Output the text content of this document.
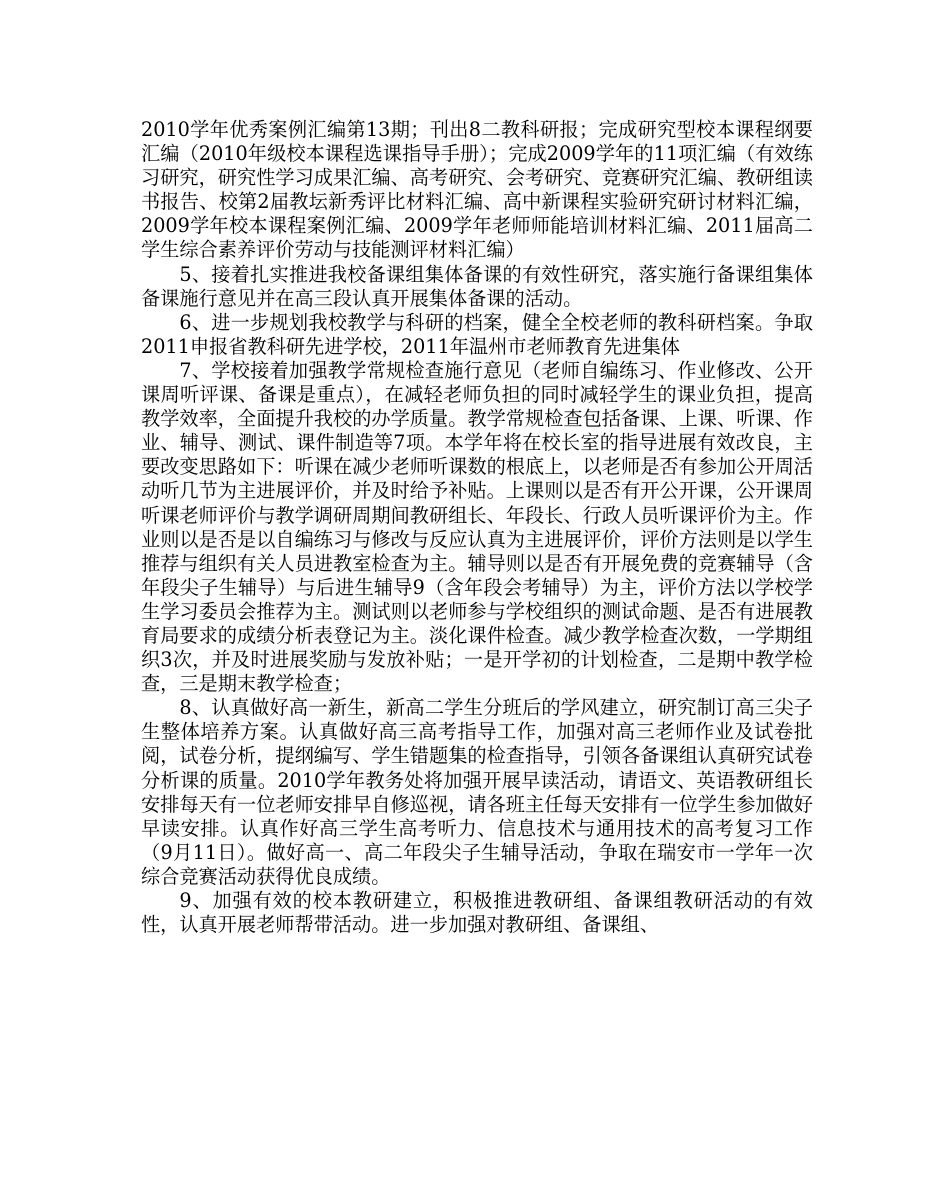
2010学年优秀案例汇编第13期；刊出8二教科研报；完成研究型校本课程纲要汇编（2010年级校本课程选课指导手册）；完成2009学年的11项汇编（有效练习研究，研究性学习成果汇编、高考研究、会考研究、竞赛研究汇编、教研组读书报告、校第2届教坛新秀评比材料汇编、高中新课程实验研究研讨材料汇编，2009学年校本课程案例汇编、2009学年老师师能培训材料汇编、2011届高二学生综合素养评价劳动与技能测评材料汇编）

5、接着扎实推进我校备课组集体备课的有效性研究，落实施行备课组集体备课施行意见并在高三段认真开展集体备课的活动。

6、进一步规划我校教学与科研的档案，健全全校老师的教科研档案。争取2011申报省教科研先进学校，2011年温州市老师教育先进集体

7、学校接着加强教学常规检查施行意见（老师自编练习、作业修改、公开课周听评课、备课是重点），在减轻老师负担的同时减轻学生的课业负担，提高教学效率，全面提升我校的办学质量。教学常规检查包括备课、上课、听课、作业、辅导、测试、课件制造等7项。本学年将在校长室的指导进展有效改良，主要改变思路如下：听课在减少老师听课数的根底上，以老师是否有参加公开周活动听几节为主进展评价，并及时给予补贴。上课则以是否有开公开课，公开课周听课老师评价与教学调研周期间教研组长、年段长、行政人员听课评价为主。作业则以是否是以自编练习与修改与反应认真为主进展评价，评价方法则是以学生推荐与组织有关人员进教室检查为主。辅导则以是否有开展免费的竞赛辅导（含年段尖子生辅导）与后进生辅导9（含年段会考辅导）为主，评价方法以学校学生学习委员会推荐为主。测试则以老师参与学校组织的测试命题、是否有进展教育局要求的成绩分析表登记为主。淡化课件检查。减少教学检查次数，一学期组织3次，并及时进展奖励与发放补贴；一是开学初的计划检查，二是期中教学检查，三是期末教学检查；

8、认真做好高一新生，新高二学生分班后的学风建立，研究制订高三尖子生整体培养方案。认真做好高三高考指导工作，加强对高三老师作业及试卷批阅，试卷分析，提纲编写、学生错题集的检查指导，引领各备课组认真研究试卷分析课的质量。2010学年教务处将加强开展早读活动，请语文、英语教研组长安排每天有一位老师安排早自修巡视，请各班主任每天安排有一位学生参加做好早读安排。认真作好高三学生高考听力、信息技术与通用技术的高考复习工作（9月11日）。做好高一、高二年段尖子生辅导活动，争取在瑞安市一学年一次综合竞赛活动获得优良成绩。

9、加强有效的校本教研建立，积极推进教研组、备课组教研活动的有效性，认真开展老师帮带活动。进一步加强对教研组、备课组、
